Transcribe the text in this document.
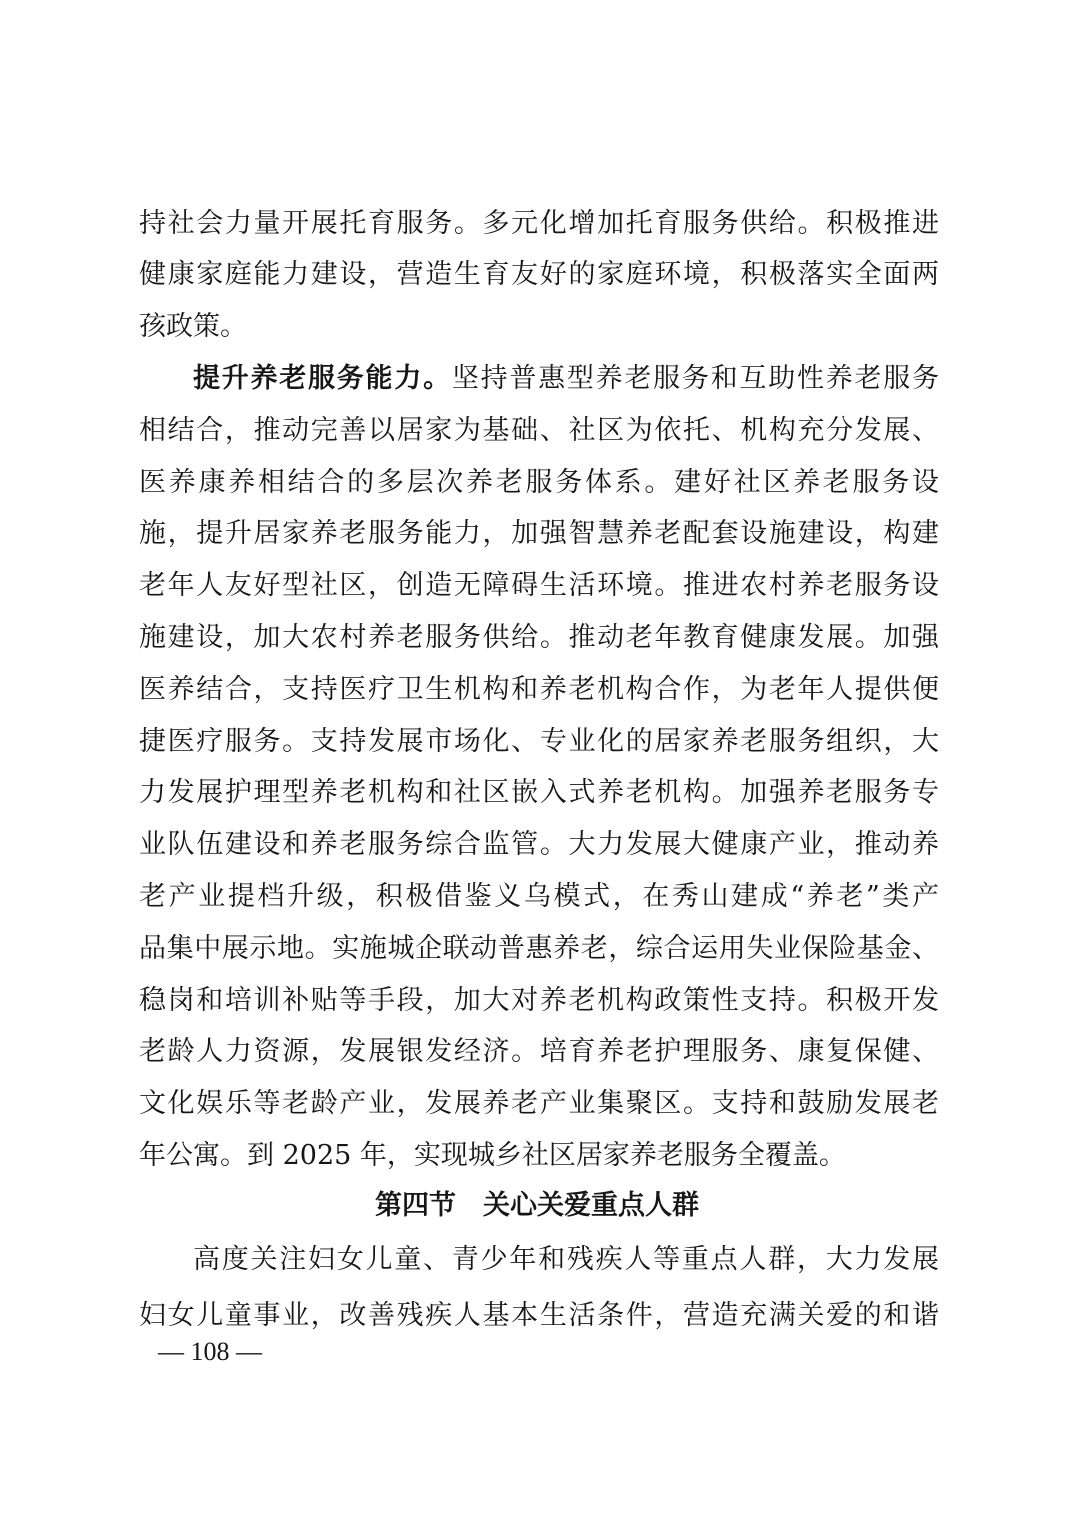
持社会力量开展托育服务。多元化增加托育服务供给。积极推进
健康家庭能力建设，营造生育友好的家庭环境，积极落实全面两
孩政策。
提升养老服务能力。坚持普惠型养老服务和互助性养老服务
相结合，推动完善以居家为基础、社区为依托、机构充分发展、
医养康养相结合的多层次养老服务体系。建好社区养老服务设
施，提升居家养老服务能力，加强智慧养老配套设施建设，构建
老年人友好型社区，创造无障碍生活环境。推进农村养老服务设
施建设，加大农村养老服务供给。推动老年教育健康发展。加强
医养结合，支持医疗卫生机构和养老机构合作，为老年人提供便
捷医疗服务。支持发展市场化、专业化的居家养老服务组织，大
力发展护理型养老机构和社区嵌入式养老机构。加强养老服务专
业队伍建设和养老服务综合监管。大力发展大健康产业，推动养
老产业提档升级，积极借鉴义乌模式，在秀山建成“养老”类产
品集中展示地。实施城企联动普惠养老，综合运用失业保险基金、
稳岗和培训补贴等手段，加大对养老机构政策性支持。积极开发
老龄人力资源，发展银发经济。培育养老护理服务、康复保健、
文化娱乐等老龄产业，发展养老产业集聚区。支持和鼓励发展老
第四节　关心关爱重点人群
高度关注妇女儿童、青少年和残疾人等重点人群，大力发展
妇女儿童事业，改善残疾人基本生活条件，营造充满关爱的和谐
— 108 —
年公寓。到 2025 年，实现城乡社区居家养老服务全覆盖。
